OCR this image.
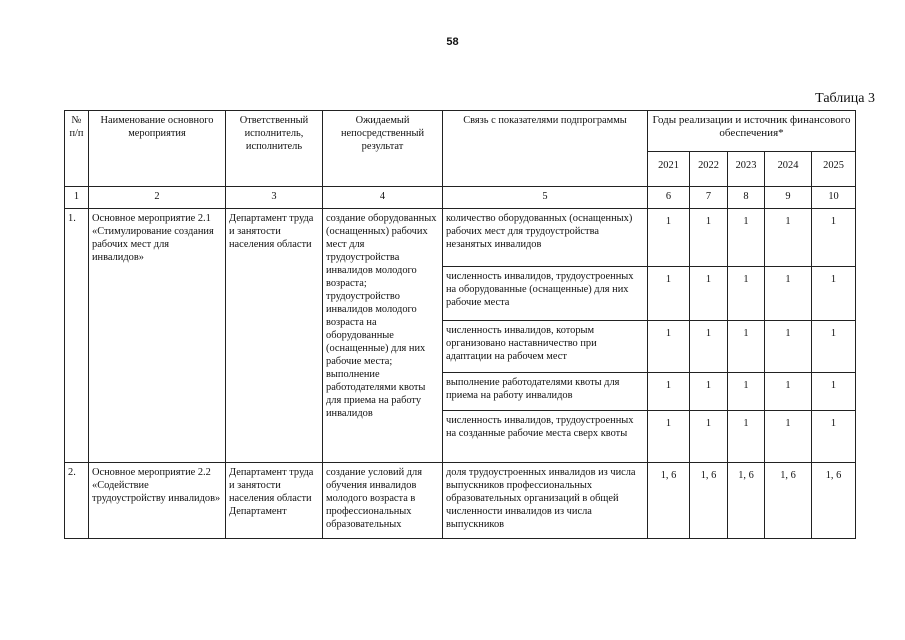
58
Таблица 3
№ п/п	Наименование основного мероприятия	Ответственный исполнитель, исполнитель	Ожидаемый непосредственный результат	Связь с показателями подпрограммы	Годы реализации и источник финансового обеспечения*				
					2021	2022	2023	2024	2025
1	2	3	4	5	6	7	8	9	10
1.	Основное мероприятие 2.1 «Стимулирование создания рабочих мест для инвалидов»	Департамент труда и занятости населения области	создание оборудованных (оснащенных) рабочих мест для трудоустройства инвалидов молодого возраста; трудоустройство инвалидов молодого возраста на оборудованные (оснащенные) для них рабочие места; выполнение работодателями квоты для приема на работу инвалидов	количество оборудованных (оснащенных) рабочих мест для трудоустройства незанятых инвалидов	1	1	1	1	1
				численность инвалидов, трудоустроенных на оборудованные (оснащенные) для них рабочие места	1	1	1	1	1
				численность инвалидов, которым организовано наставничество при адаптации на рабочем мест	1	1	1	1	1
				выполнение работодателями квоты для приема на работу инвалидов	1	1	1	1	1
				численность инвалидов, трудоустроенных на созданные рабочие места сверх квоты	1	1	1	1	1
2.	Основное мероприятие 2.2 «Содействие трудоустройству инвалидов»	Департамент труда и занятости населения области Департамент	создание условий для обучения инвалидов молодого возраста в профессиональных образовательных	доля трудоустроенных инвалидов из числа выпускников профессиональных образовательных организаций в общей численности инвалидов из числа выпускников	1, 6	1, 6	1, 6	1, 6	1, 6
